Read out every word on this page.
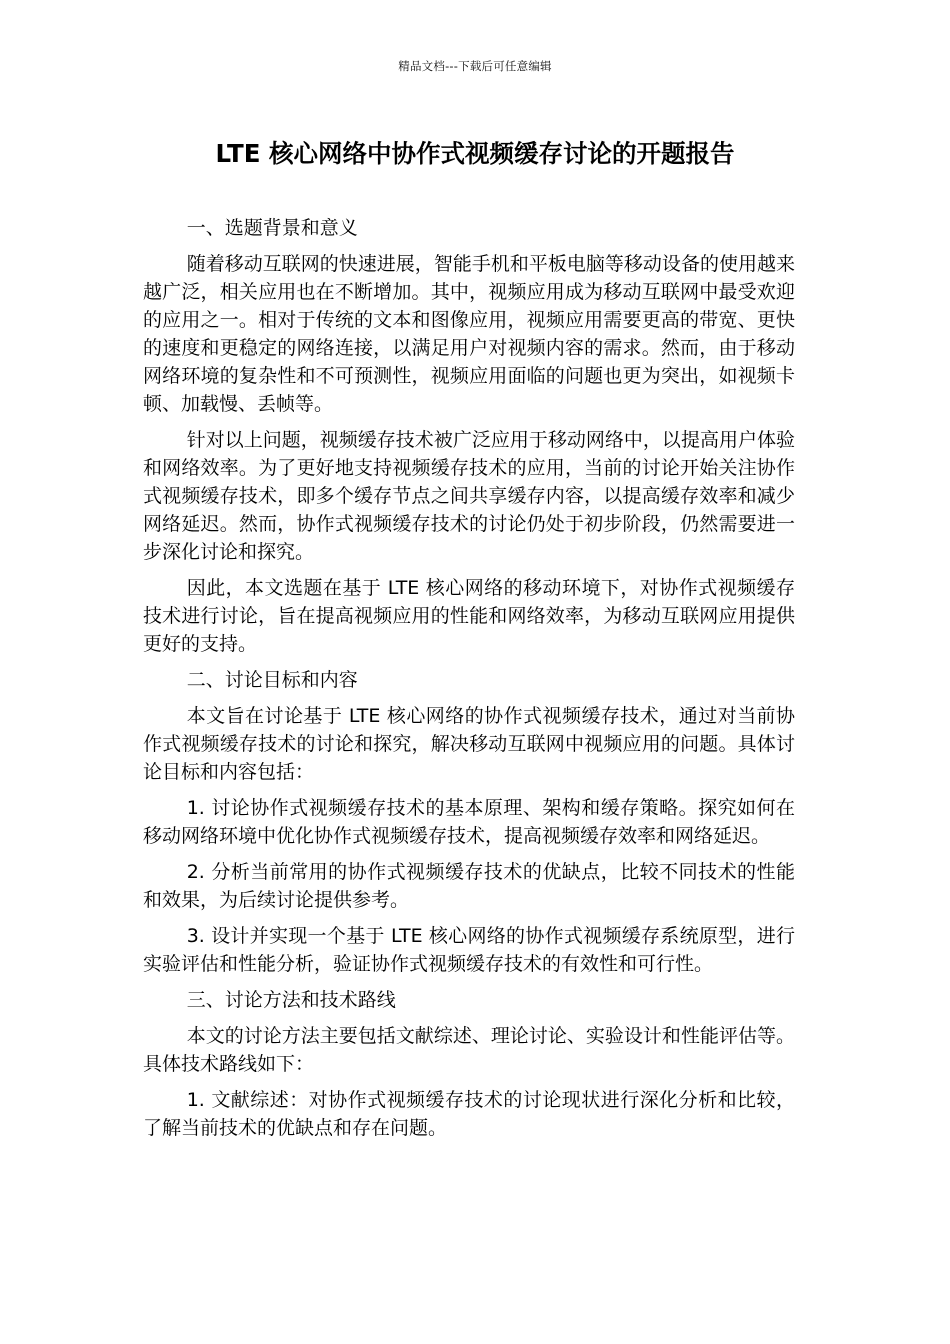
精品文档---下载后可任意编辑
LTE 核心网络中协作式视频缓存讨论的开题报告

一、选题背景和意义

随着移动互联网的快速进展，智能手机和平板电脑等移动设备的使用越来越广泛，相关应用也在不断增加。其中，视频应用成为移动互联网中最受欢迎的应用之一。相对于传统的文本和图像应用，视频应用需要更高的带宽、更快的速度和更稳定的网络连接，以满足用户对视频内容的需求。然而，由于移动网络环境的复杂性和不可预测性，视频应用面临的问题也更为突出，如视频卡顿、加载慢、丢帧等。

针对以上问题，视频缓存技术被广泛应用于移动网络中，以提高用户体验和网络效率。为了更好地支持视频缓存技术的应用，当前的讨论开始关注协作式视频缓存技术，即多个缓存节点之间共享缓存内容，以提高缓存效率和减少网络延迟。然而，协作式视频缓存技术的讨论仍处于初步阶段，仍然需要进一步深化讨论和探究。

因此，本文选题在基于 LTE 核心网络的移动环境下，对协作式视频缓存技术进行讨论，旨在提高视频应用的性能和网络效率，为移动互联网应用提供更好的支持。

二、讨论目标和内容

本文旨在讨论基于 LTE 核心网络的协作式视频缓存技术，通过对当前协作式视频缓存技术的讨论和探究，解决移动互联网中视频应用的问题。具体讨论目标和内容包括：

1. 讨论协作式视频缓存技术的基本原理、架构和缓存策略。探究如何在移动网络环境中优化协作式视频缓存技术，提高视频缓存效率和网络延迟。

2. 分析当前常用的协作式视频缓存技术的优缺点，比较不同技术的性能和效果，为后续讨论提供参考。

3. 设计并实现一个基于 LTE 核心网络的协作式视频缓存系统原型，进行实验评估和性能分析，验证协作式视频缓存技术的有效性和可行性。

三、讨论方法和技术路线

本文的讨论方法主要包括文献综述、理论讨论、实验设计和性能评估等。具体技术路线如下：

1. 文献综述：对协作式视频缓存技术的讨论现状进行深化分析和比较，了解当前技术的优缺点和存在问题。
